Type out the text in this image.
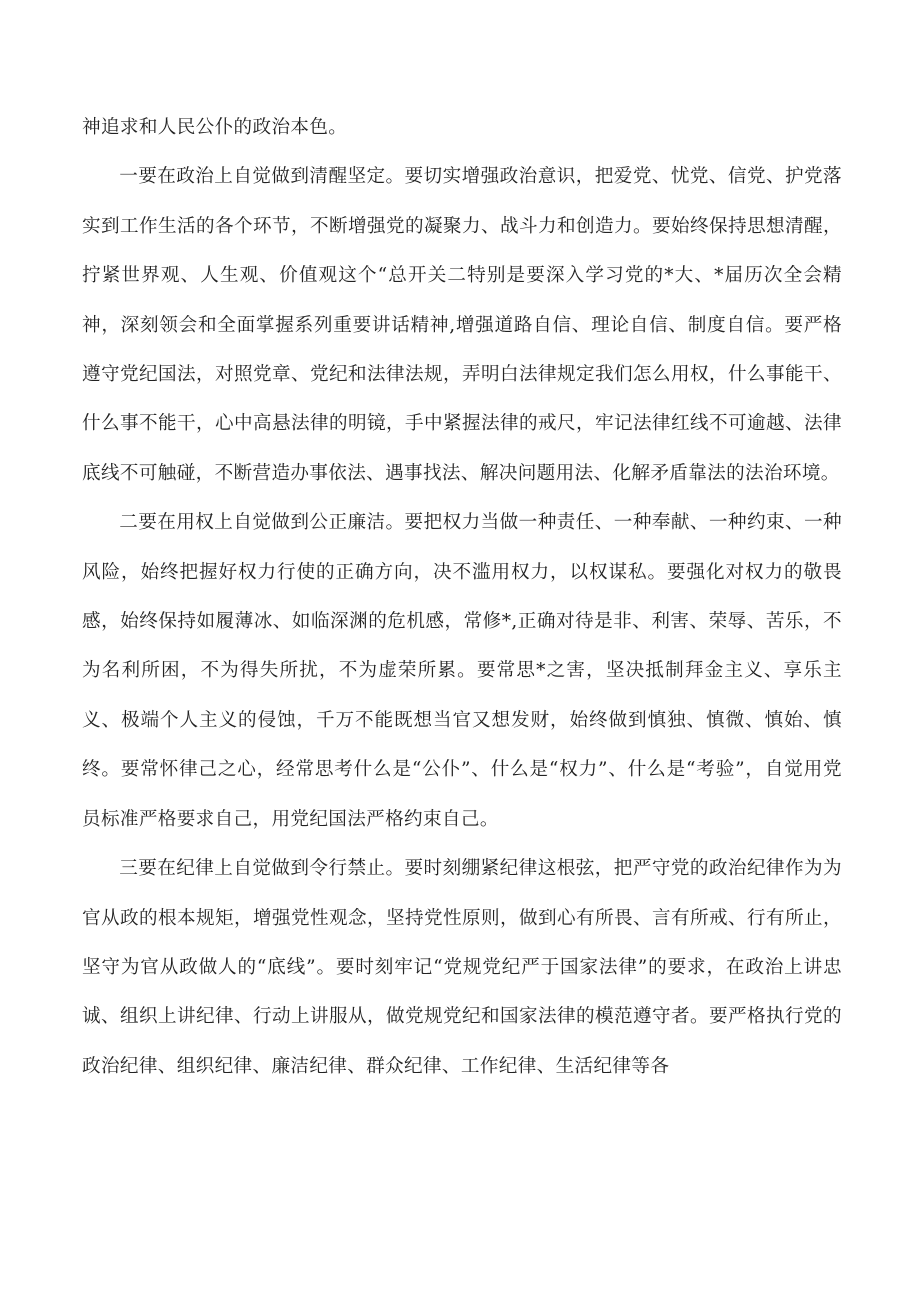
神追求和人民公仆的政治本色。

一要在政治上自觉做到清醒坚定。要切实增强政治意识，把爱党、忧党、信党、护党落实到工作生活的各个环节，不断增强党的凝聚力、战斗力和创造力。要始终保持思想清醒，拧紧世界观、人生观、价值观这个“总开关二特别是要深入学习党的*大、*届历次全会精神，深刻领会和全面掌握系列重要讲话精神,增强道路自信、理论自信、制度自信。要严格遵守党纪国法，对照党章、党纪和法律法规，弄明白法律规定我们怎么用权，什么事能干、什么事不能干，心中高悬法律的明镜，手中紧握法律的戒尺，牢记法律红线不可逾越、法律底线不可触碰，不断营造办事依法、遇事找法、解决问题用法、化解矛盾靠法的法治环境。

二要在用权上自觉做到公正廉洁。要把权力当做一种责任、一种奉献、一种约束、一种风险，始终把握好权力行使的正确方向，决不滥用权力，以权谋私。要强化对权力的敬畏感，始终保持如履薄冰、如临深渊的危机感，常修*,正确对待是非、利害、荣辱、苦乐，不为名利所困，不为得失所扰，不为虚荣所累。要常思*之害，坚决抵制拜金主义、享乐主义、极端个人主义的侵蚀，千万不能既想当官又想发财，始终做到慎独、慎微、慎始、慎终。要常怀律己之心，经常思考什么是“公仆”、什么是“权力”、什么是“考验”，自觉用党员标准严格要求自己，用党纪国法严格约束自己。

三要在纪律上自觉做到令行禁止。要时刻绷紧纪律这根弦，把严守党的政治纪律作为为官从政的根本规矩，增强党性观念，坚持党性原则，做到心有所畏、言有所戒、行有所止，坚守为官从政做人的“底线”。要时刻牢记“党规党纪严于国家法律”的要求，在政治上讲忠诚、组织上讲纪律、行动上讲服从，做党规党纪和国家法律的模范遵守者。要严格执行党的政治纪律、组织纪律、廉洁纪律、群众纪律、工作纪律、生活纪律等各
